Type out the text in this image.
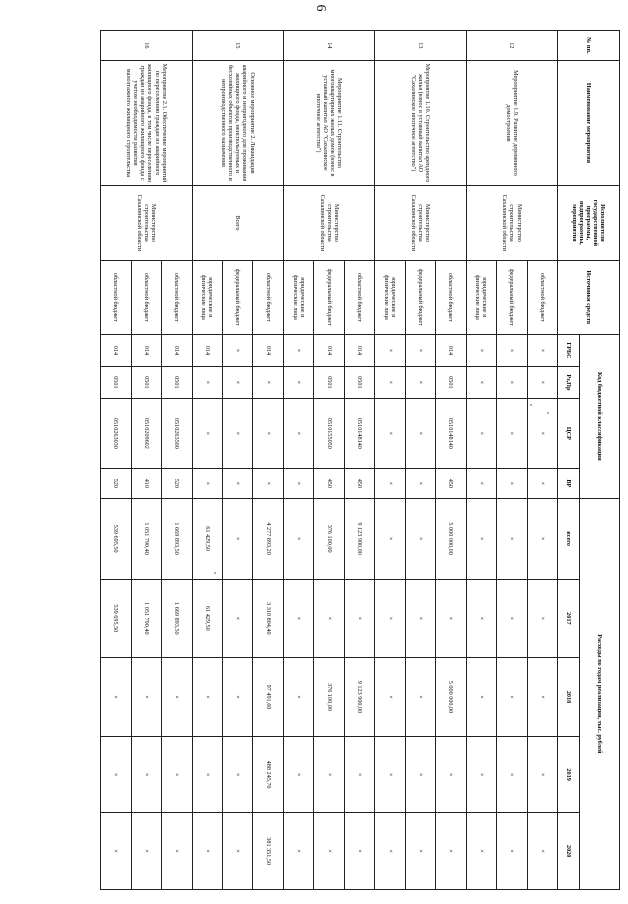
6
№ пп.	Наименование мероприятия	Исполнители государственной программы, подпрограммы, мероприятия	Источники средств	Код бюджетной классификации				Расходы по годам реализации, тыс. рублей				
				ГРБС	Рз,Пр	ЦСР	ВР	всего	2017	2018	2019	2020
12	Мероприятие 1.9. Развитие деревянного домостроения	Министерство строительства Сахалинской области	областной бюджет	×	×	×	×	×	×	×	×	×
			федеральный бюджет	×	×	×	×	×	×	×	×	×
			юридические и физические лица	×	×	×	×	×	×	×	×	×
13	Мероприятие 1.10. Строительство арендного жилья (взнос в уставный капитал АО "Сахалинское ипотечное агентство")	Министерство строительства Сахалинской области	областной бюджет	014	0501	0510148140	450	5 000 000,00	×	5 000 000,00	×	×
			федеральный бюджет	×	×	×	×	×	×	×	×	×
			юридические и физические лица	×	×	×	×	×	×	×	×	×
14	Мероприятие 1.11. Строительство многоквартирных жилых домов (взнос в уставный капитал АО "Сахалинское ипотечное агентство")	Министерство строительства Сахалинской области	областной бюджет	014	0501	0510148140	450	9 123 900,00	×	9 123 900,00	×	×
			федеральный бюджет	014	0501	0510155050	450	376 100,00	×	376 100,00	×	×
			юридические и физические лица	×	×	×	×	×	×	×	×	×
15	Основное мероприятие 2. Ликвидация аварийного и непригодного для проживания жилищного фонда, неиспользуемых и бесхозяйных объектов производственного и непроизводственного назначения	Всего	областной бюджет	014	×	×	×	4 277 893,20	3 310 804,40	97 491,60	488 245,70	381 351,50
			федеральный бюджет	×	×	×	×	×	×	×	×	×
			юридические и физические лица	014	×	×	×	61 429,50	61 429,50	×	×	×
16	Мероприятие 2.1. Обеспечение мероприятий по переселению граждан из аварийного жилищного фонда, в том числе переселению граждан из аварийного жилищного фонда с учетом необходимости развития малоэтажного жилищного строительства	Министерство строительства Сахалинской области	областной бюджет	014	0501	0510263500	520	1 669 893,50	1 669 893,50	×	×	×
			областной бюджет	014	0501	0510209602	410	1 051 790,40	1 051 790,40	×	×	×
			областной бюджет	014	0501	0510263030	520	539 695,50	539 695,50	×	×	×
